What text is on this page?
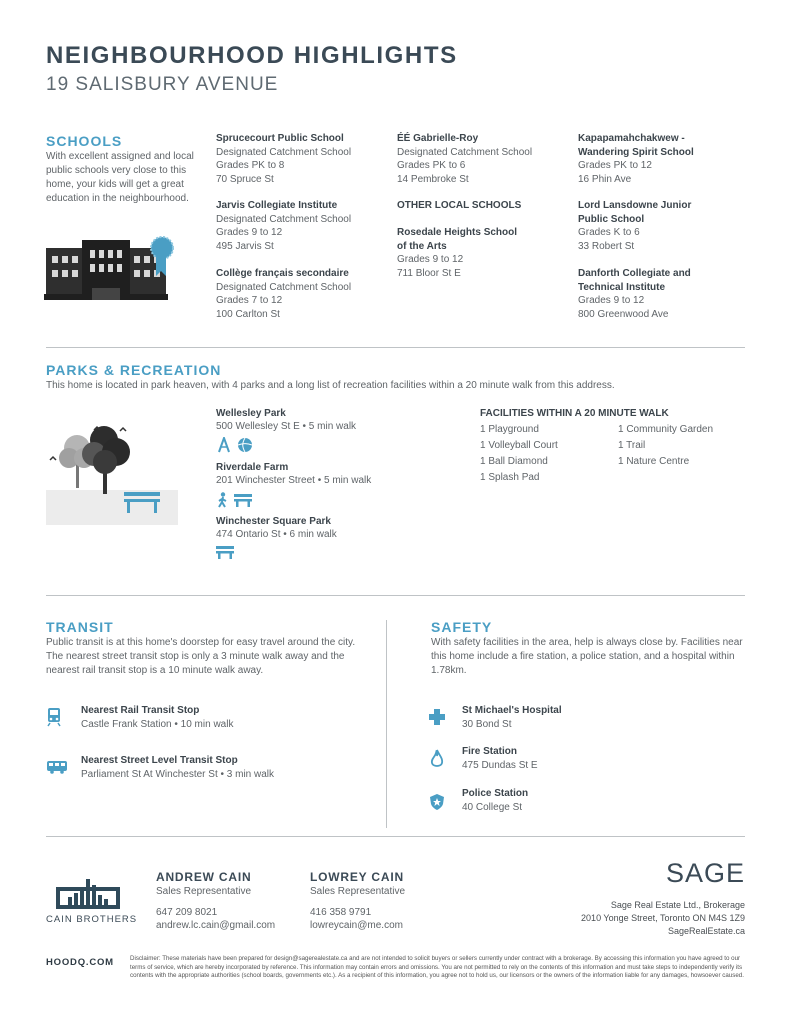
NEIGHBOURHOOD HIGHLIGHTS
19 SALISBURY AVENUE
SCHOOLS
With excellent assigned and local public schools very close to this home, your kids will get a great education in the neighbourhood.
Sprucecourt Public School
Designated Catchment School
Grades PK to 8
70 Spruce St
Jarvis Collegiate Institute
Designated Catchment School
Grades 9 to 12
495 Jarvis St
Collège français secondaire
Designated Catchment School
Grades 7 to 12
100 Carlton St
ÉÉ Gabrielle-Roy
Designated Catchment School
Grades PK to 6
14 Pembroke St
OTHER LOCAL SCHOOLS
Rosedale Heights School
of the Arts
Grades 9 to 12
711 Bloor St E
Kapapamahchakwew -
Wandering Spirit School
Grades PK to 12
16 Phin Ave
Lord Lansdowne Junior
Public School
Grades K to 6
33 Robert St
Danforth Collegiate and
Technical Institute
Grades 9 to 12
800 Greenwood Ave
PARKS & RECREATION
This home is located in park heaven, with 4 parks and a long list of recreation facilities within a 20 minute walk from this address.
Wellesley Park
500 Wellesley St E • 5 min walk
Riverdale Farm
201 Winchester Street • 5 min walk
Winchester Square Park
474 Ontario St • 6 min walk
FACILITIES WITHIN A 20 MINUTE WALK
1 Playground
1 Volleyball Court
1 Ball Diamond
1 Splash Pad
1 Community Garden
1 Trail
1 Nature Centre
TRANSIT
Public transit is at this home's doorstep for easy travel around the city. The nearest street transit stop is only a 3 minute walk away and the nearest rail transit stop is a 10 minute walk away.
Nearest Rail Transit Stop
Castle Frank Station • 10 min walk
Nearest Street Level Transit Stop
Parliament St At Winchester St • 3 min walk
SAFETY
With safety facilities in the area, help is always close by. Facilities near this home include a fire station, a police station, and a hospital within 1.78km.
St Michael's Hospital
30 Bond St
Fire Station
475 Dundas St E
Police Station
40 College St
CAIN BROTHERS
ANDREW CAIN
Sales Representative
647 209 8021
andrew.lc.cain@gmail.com
LOWREY CAIN
Sales Representative
416 358 9791
lowreycain@me.com
SAGE
Sage Real Estate Ltd., Brokerage
2010 Yonge Street, Toronto ON M4S 1Z9
SageRealEstate.ca
HOODQ.COM	Disclaimer: These materials have been prepared for design@sagerealestate.ca and are not intended to solicit buyers or sellers currently under contract with a brokerage. By accessing this information you have agreed to our terms of service, which are hereby incorporated by reference. This information may contain errors and omissions. You are not permitted to rely on the contents of this information and must take steps to independently verify its contents with the appropriate authorities (school boards, governments etc.). As a recipient of this information, you agree not to hold us, our licensors or the owners of the information liable for any damages, howsoever caused.
